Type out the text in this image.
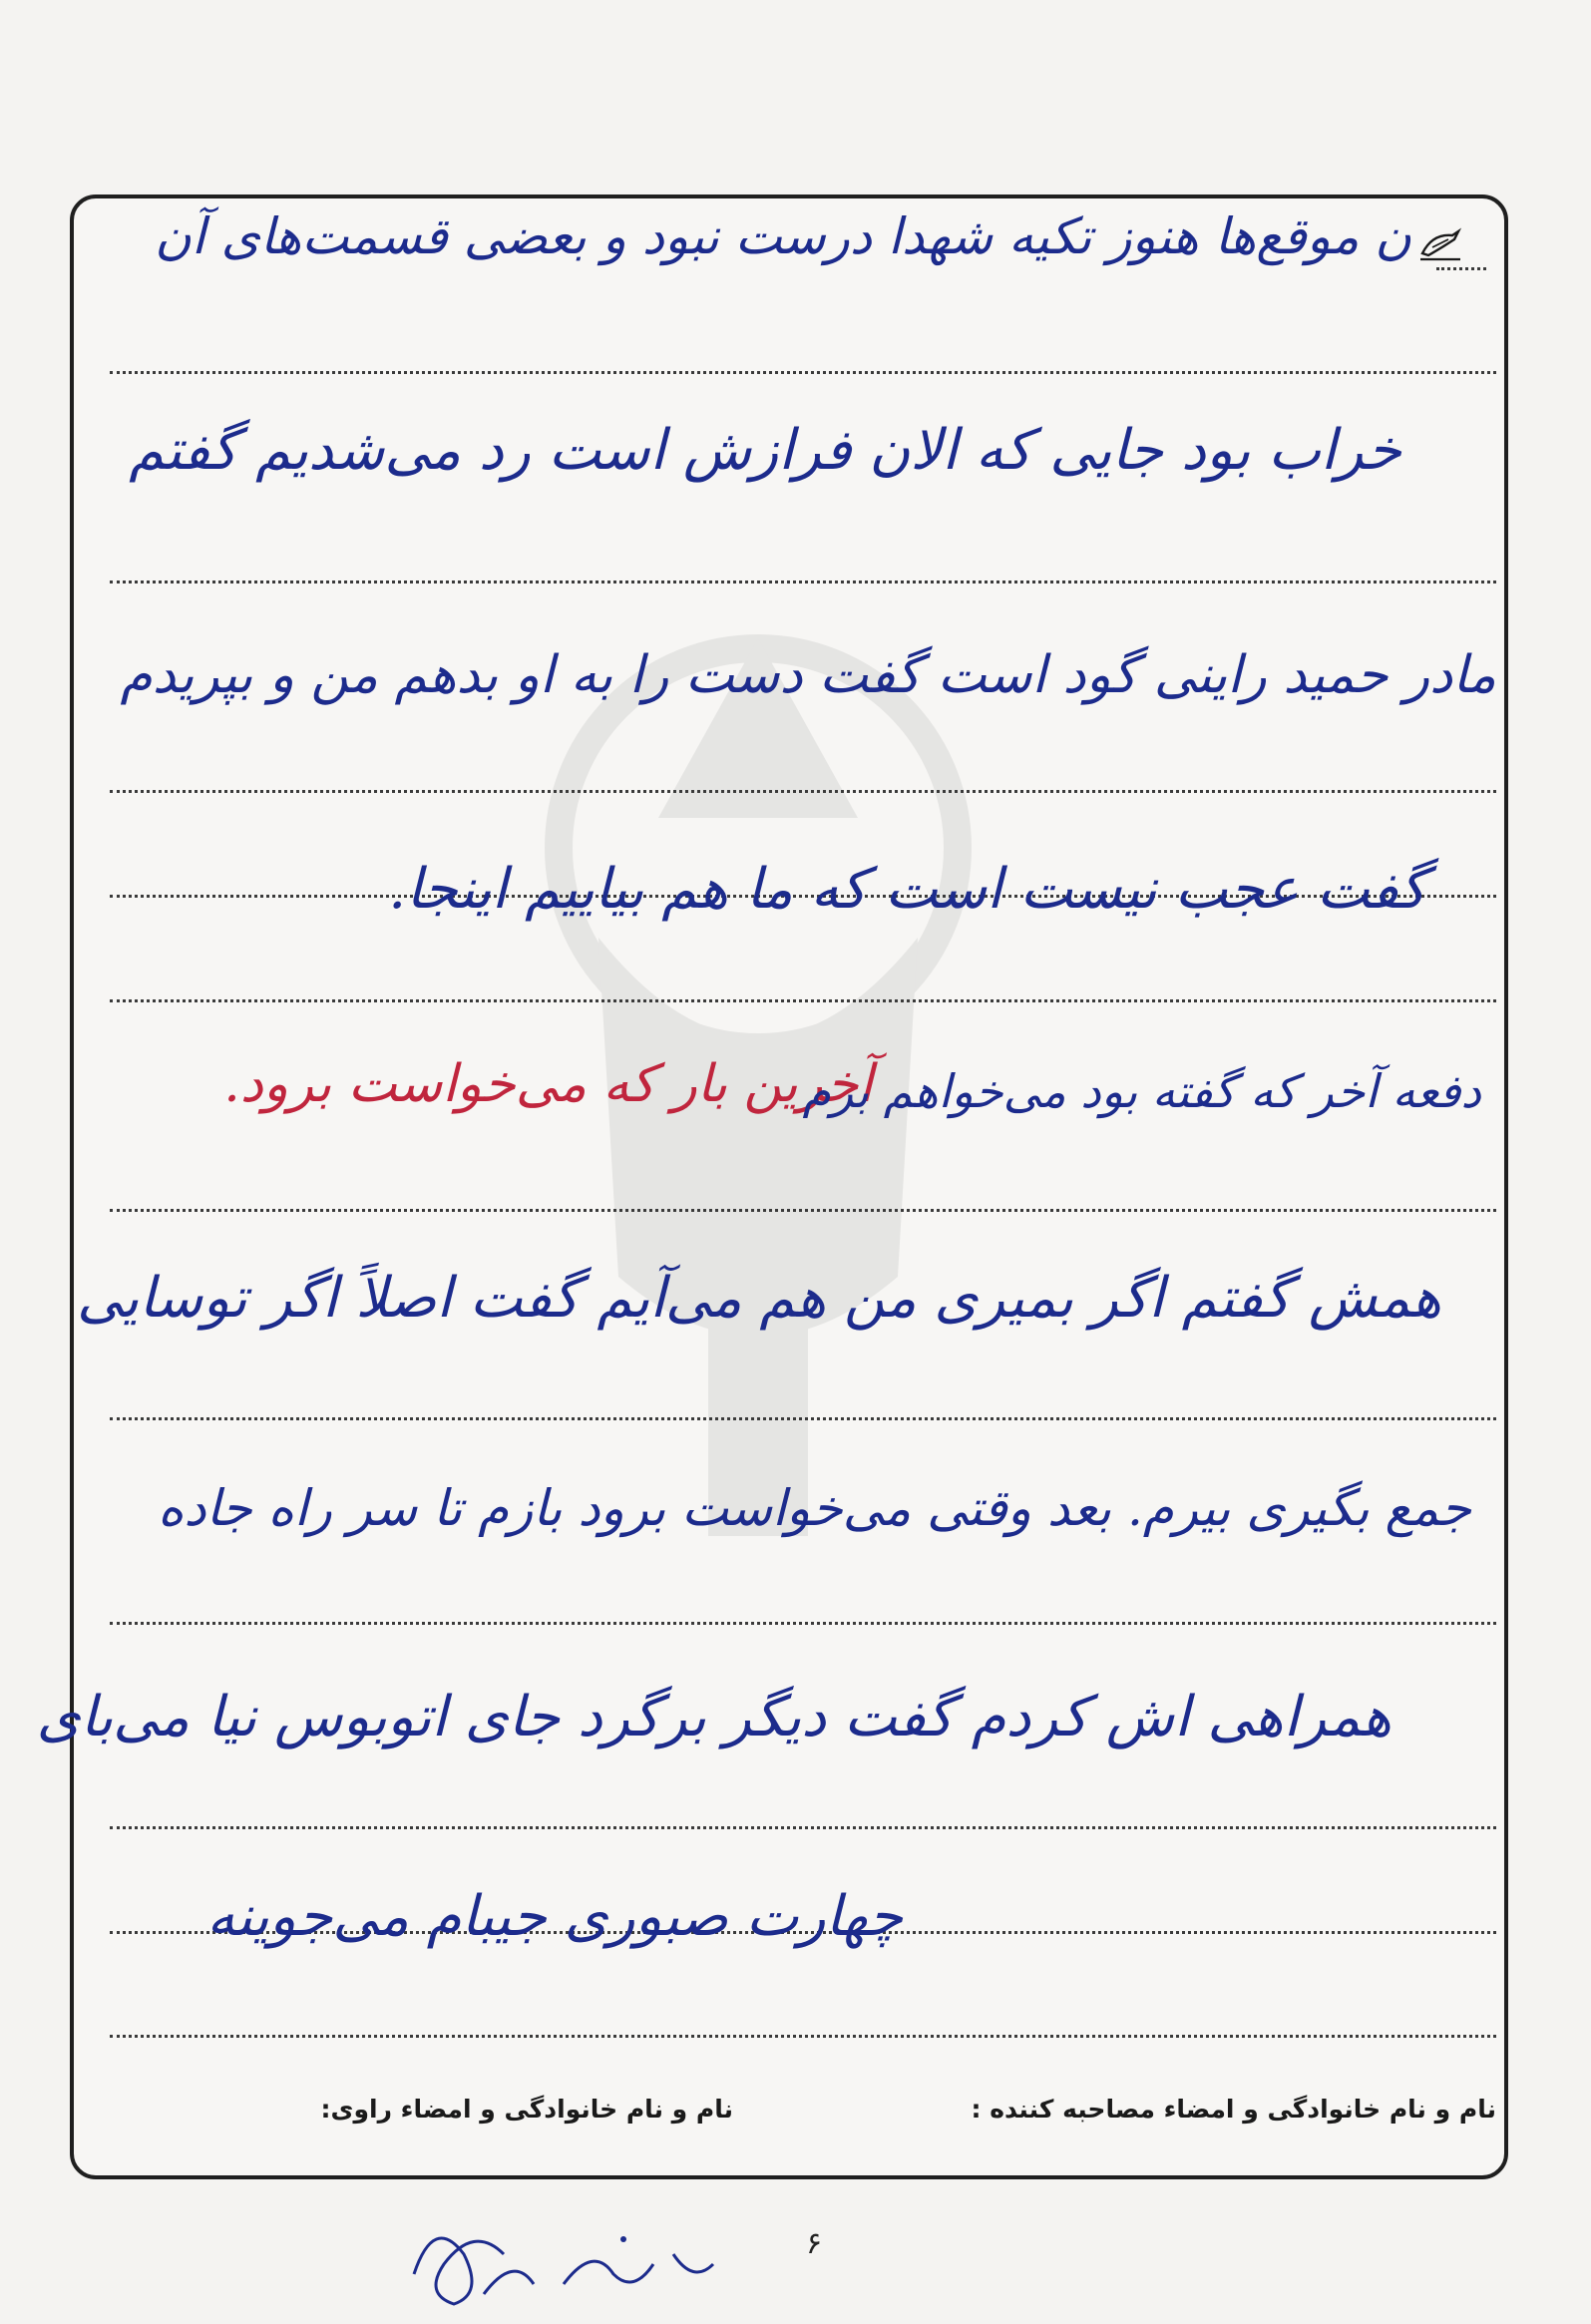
ن موقع‌ها هنوز تکیه شهدا درست نبود و بعضی قسمت‌های آن
خراب بود جایی که الان فرازش است رد می‌شدیم گفتم
مادر حمید راینی گود است گفت دست را به او بدهم من و بپریدم
گفت عجب نیست است که ما هم بیاییم اینجا.
آخرین بار که می‌خواست برود.
دفعه آخر که گفته بود می‌خواهم برم
همش گفتم اگر بمیری من هم می‌آیم گفت اصلاً اگر توسایی
جمع بگیری بیرم. بعد وقتی می‌خواست برود بازم تا سر راه جاده
همراهی اش کردم گفت دیگر برگرد جای اتوبوس نیا می‌بای
چهارت صبوری جیبام می‌جوینه
نام و نام خانوادگی و امضاء مصاحبه کننده :
نام و نام خانوادگی و امضاء راوی:
۶
